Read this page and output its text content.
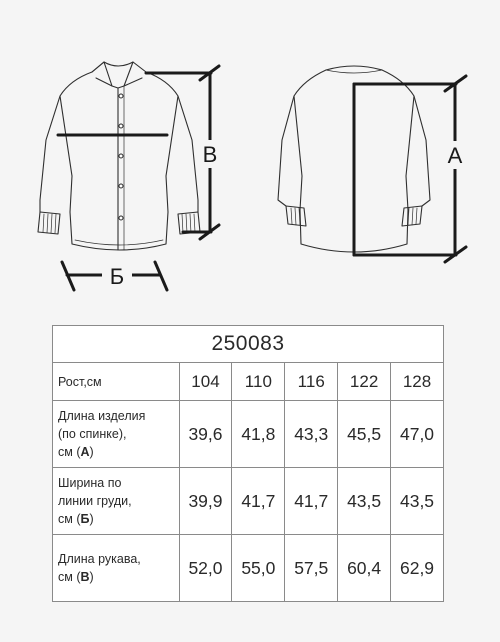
В
Б
А
250083					
Рост,см	104	110	116	122	128

Длина изделия
(по спинке),
см (А)	39,6	41,8	43,3	45,5	47,0

Ширина по
линии груди,
см (Б)	39,9	41,7	41,7	43,5	43,5

Длина рукава,
см (В)	52,0	55,0	57,5	60,4	62,9
